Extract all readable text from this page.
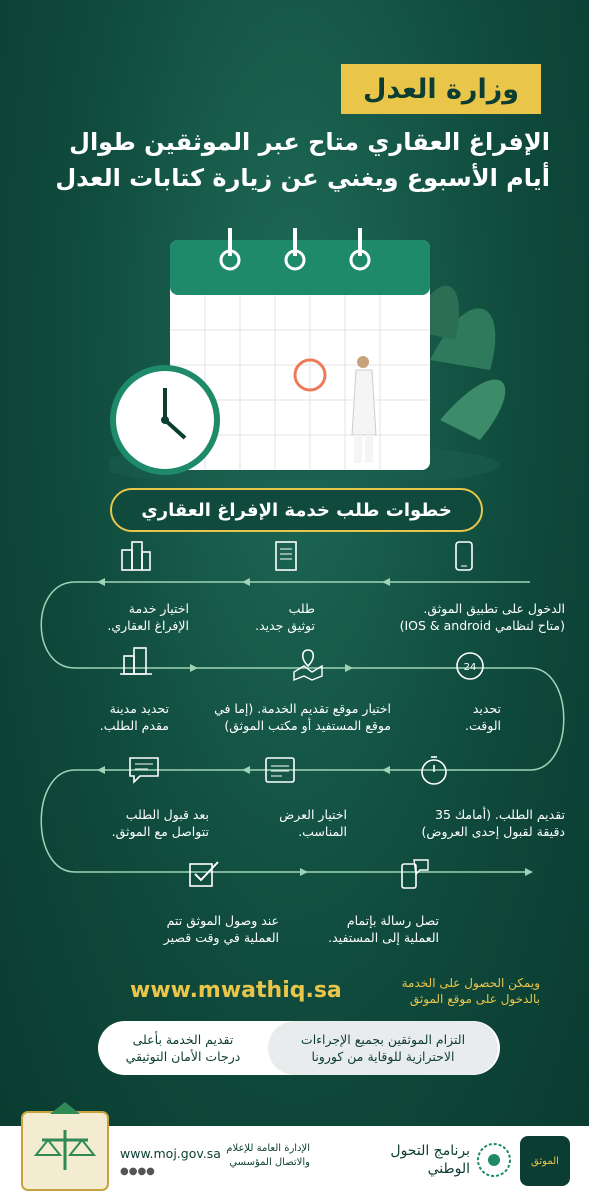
وزارة العدل
الإفراغ العقاري متاح عبر الموثقين طوال
أيام الأسبوع ويغني عن زيارة كتابات العدل
خطوات طلب خدمة الإفراغ العقاري
24
الدخول على تطبيق الموثق.
(متاح لنظامي IOS & android)
طلب
توثيق جديد.
اختيار خدمة
الإفراغ العقاري.
تحديد
الوقت.
اختيار موقع تقديم الخدمة. (إما في
موقع المستفيد أو مكتب الموثق)
تحديد مدينة
مقدم الطلب.
تقديم الطلب. (أمامك 35
دقيقة لقبول إحدى العروض)
اختيار العرض
المناسب.
بعد قبول الطلب
تتواصل مع الموثق.
تصل رسالة بإتمام
العملية إلى المستفيد.
عند وصول الموثق تتم
العملية في وقت قصير
www.mwathiq.sa	ويمكن الحصول على الخدمة
بالدخول على موقع الموثق
تقديم الخدمة بأعلى
درجات الأمان التوثيقي
التزام الموثقين بجميع الإجراءات
الاحترازية للوقاية من كورونا
www.moj.gov.sa
●●●●
الإدارة العامة للإعلام
والاتصال المؤسسي
برنامج التحول
الوطني	الموثق
